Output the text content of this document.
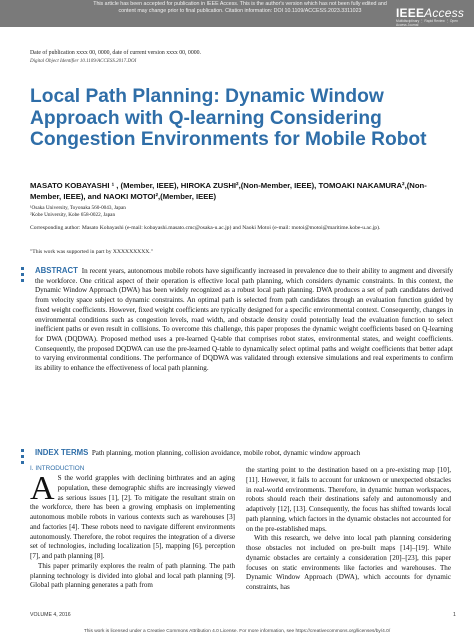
This article has been accepted for publication in IEEE Access. This is the author's version which has not been fully edited and
content may change prior to final publication. Citation information: DOI 10.1109/ACCESS.2023.3311023	IEEEAccess
Multidisciplinary ⋮ Rapid Review ⋮ Open Access Journal
Date of publication xxxx 00, 0000, date of current version xxxx 00, 0000.
Digital Object Identifier 10.1109/ACCESS.2017.DOI
Local Path Planning: Dynamic Window Approach with Q-learning Considering Congestion Environments for Mobile Robot
MASATO KOBAYASHI ¹ , (Member, IEEE), HIROKA ZUSHI²,(Non-Member, IEEE), TOMOAKI NAKAMURA²,(Non-Member, IEEE), and NAOKI MOTOI²,(Member, IEEE)
¹Osaka University, Toyonaka 560-0043, Japan
²Kobe University, Kobe 658-0022, Japan
Corresponding author: Masato Kobayashi (e-mail: kobayashi.masato.cmc@osaka-u.ac.jp) and Naoki Motoi (e-mail: motoi@motoi@maritime.kobe-u.ac.jp).
"This work was supported in part by XXXXXXXXX."
ABSTRACT In recent years, autonomous mobile robots have significantly increased in prevalence due to their ability to augment and diversify the workforce. One critical aspect of their operation is effective local path planning, which considers dynamic constraints. In this context, the Dynamic Window Approach (DWA) has been widely recognized as a robust local path planning. DWA produces a set of path candidates derived from velocity space subject to dynamic constraints. An optimal path is selected from path candidates through an evaluation function guided by fixed weight coefficients. However, fixed weight coefficients are typically designed for a specific environmental context. Consequently, changes in environmental conditions such as congestion levels, road width, and obstacle density could potentially lead the evaluation function to select inefficient paths or even result in collisions. To overcome this challenge, this paper proposes the dynamic weight coefficients based on Q-learning for DWA (DQDWA). Proposed method uses a pre-learned Q-table that comprises robot states, environmental states, and weight coefficients. Consequently, the proposed DQDWA can use the pre-learned Q-table to dynamically select optimal paths and weight coefficients that better adapt to varying environmental conditions. The performance of DQDWA was validated through extensive simulations and real experiments to confirm its ability to enhance the effectiveness of local path planning.
INDEX TERMS Path planning, motion planning, collision avoidance, mobile robot, dynamic window approach
I. INTRODUCTION

A S the world grapples with declining birthrates and an aging population, these demographic shifts are increasingly viewed as serious issues [1], [2]. To mitigate the resultant strain on the workforce, there has been a growing emphasis on implementing autonomous mobile robots in various contexts such as warehouses [3] and factories [4]. These robots need to navigate different environments autonomously. Therefore, the robot requires the integration of a diverse set of technologies, including localization [5], mapping [6], perception [7], and path planning [8].

This paper primarily explores the realm of path planning. The path planning technology is divided into global and local path planning [9]. Global path planning generates a path from

the starting point to the destination based on a pre-existing map [10], [11]. However, it fails to account for unknown or unexpected obstacles in real-world environments. Therefore, in dynamic human workspaces, robots should reach their destinations safely and autonomously and adaptively [12], [13]. Consequently, the focus has shifted towards local path planning, which factors in the dynamic obstacles not accounted for on the pre-established maps.

With this research, we delve into local path planning considering those obstacles not included on pre-built maps [14]–[19]. While dynamic obstacles are certainly a consideration [20]–[23], this paper focuses on static environments like factories and warehouses. The Dynamic Window Approach (DWA), which accounts for dynamic constraints, has

VOLUME 4, 2016	1
This work is licensed under a Creative Commons Attribution 4.0 License. For more information, see https://creativecommons.org/licenses/by/4.0/
